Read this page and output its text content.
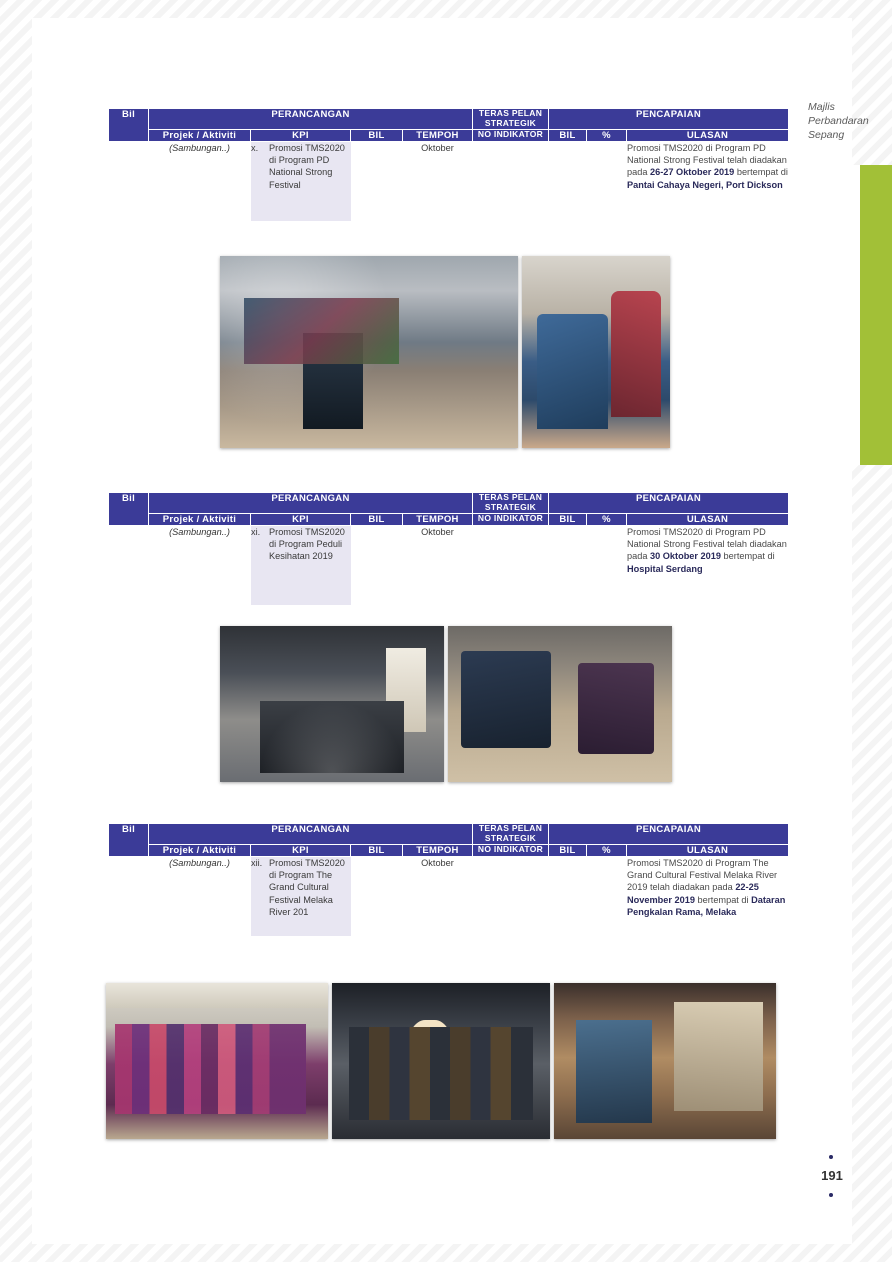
Majlis Perbandaran Sepang
UNIT KORPORAT DAN PERHUBUNGAN AWAM
Bil	PERANCANGAN				TERAS PELAN STRATEGIK	PENCAPAIAN		
	Projek / Aktiviti	KPI	BIL	TEMPOH	NO INDIKATOR	BIL	%	ULASAN
	(Sambungan..)	x. Promosi TMS2020 di Program PD National Strong Festival		Oktober				Promosi TMS2020 di Program PD National Strong Festival telah diadakan pada 26-27 Oktober 2019 bertempat di Pantai Cahaya Negeri, Port Dickson
Bil	PERANCANGAN				TERAS PELAN STRATEGIK	PENCAPAIAN		
	Projek / Aktiviti	KPI	BIL	TEMPOH	NO INDIKATOR	BIL	%	ULASAN
	(Sambungan..)	xi. Promosi TMS2020 di Program Peduli Kesihatan 2019		Oktober				Promosi TMS2020 di Program PD National Strong Festival telah diadakan pada 30 Oktober 2019 bertempat di Hospital Serdang
Bil	PERANCANGAN				TERAS PELAN STRATEGIK	PENCAPAIAN		
	Projek / Aktiviti	KPI	BIL	TEMPOH	NO INDIKATOR	BIL	%	ULASAN
	(Sambungan..)	xii. Promosi TMS2020 di Program The Grand Cultural Festival Melaka River 201		Oktober				Promosi TMS2020 di Program The Grand Cultural Festival Melaka River 2019 telah diadakan pada 22-25 November 2019 bertempat di Dataran Pengkalan Rama, Melaka
191
